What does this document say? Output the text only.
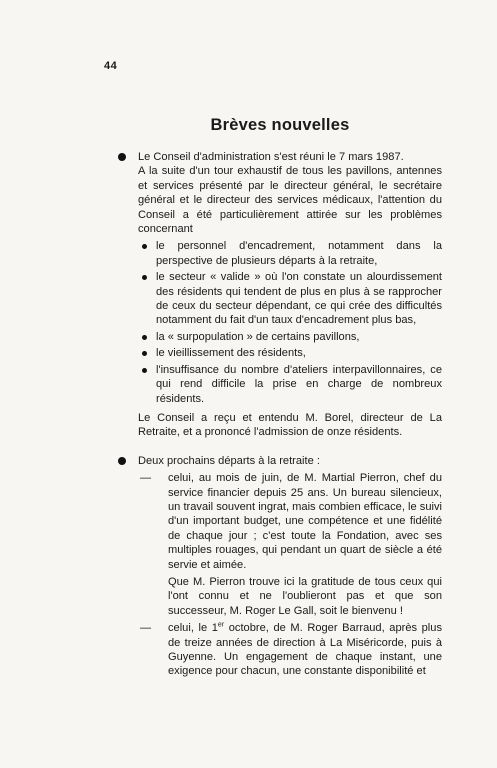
44
Brèves nouvelles

Le Conseil d'administration s'est réuni le 7 mars 1987.

A la suite d'un tour exhaustif de tous les pavillons, antennes et services présenté par le directeur général, le secrétaire général et le directeur des services médicaux, l'attention du Conseil a été particulièrement attirée sur les problèmes concernant

le personnel d'encadrement, notamment dans la perspective de plusieurs départs à la retraite,
le secteur « valide » où l'on constate un alourdissement des résidents qui tendent de plus en plus à se rapprocher de ceux du secteur dépendant, ce qui crée des difficultés notamment du fait d'un taux d'encadrement plus bas,
la « surpopulation » de certains pavillons,
le vieillissement des résidents,
l'insuffisance du nombre d'ateliers interpavillonnaires, ce qui rend difficile la prise en charge de nombreux résidents.

Le Conseil a reçu et entendu M. Borel, directeur de La Retraite, et a prononcé l'admission de onze résidents.

Deux prochains départs à la retraite :

— celui, au mois de juin, de M. Martial Pierron, chef du service financier depuis 25 ans. Un bureau silencieux, un travail souvent ingrat, mais combien efficace, le suivi d'un important budget, une compétence et une fidélité de chaque jour ; c'est toute la Fondation, avec ses multiples rouages, qui pendant un quart de siècle a été servie et aimée.

Que M. Pierron trouve ici la gratitude de tous ceux qui l'ont connu et ne l'oublieront pas et que son successeur, M. Roger Le Gall, soit le bienvenu !

— celui, le 1er octobre, de M. Roger Barraud, après plus de treize années de direction à La Miséricorde, puis à Guyenne. Un engagement de chaque instant, une exigence pour chacun, une constante disponibilité et
